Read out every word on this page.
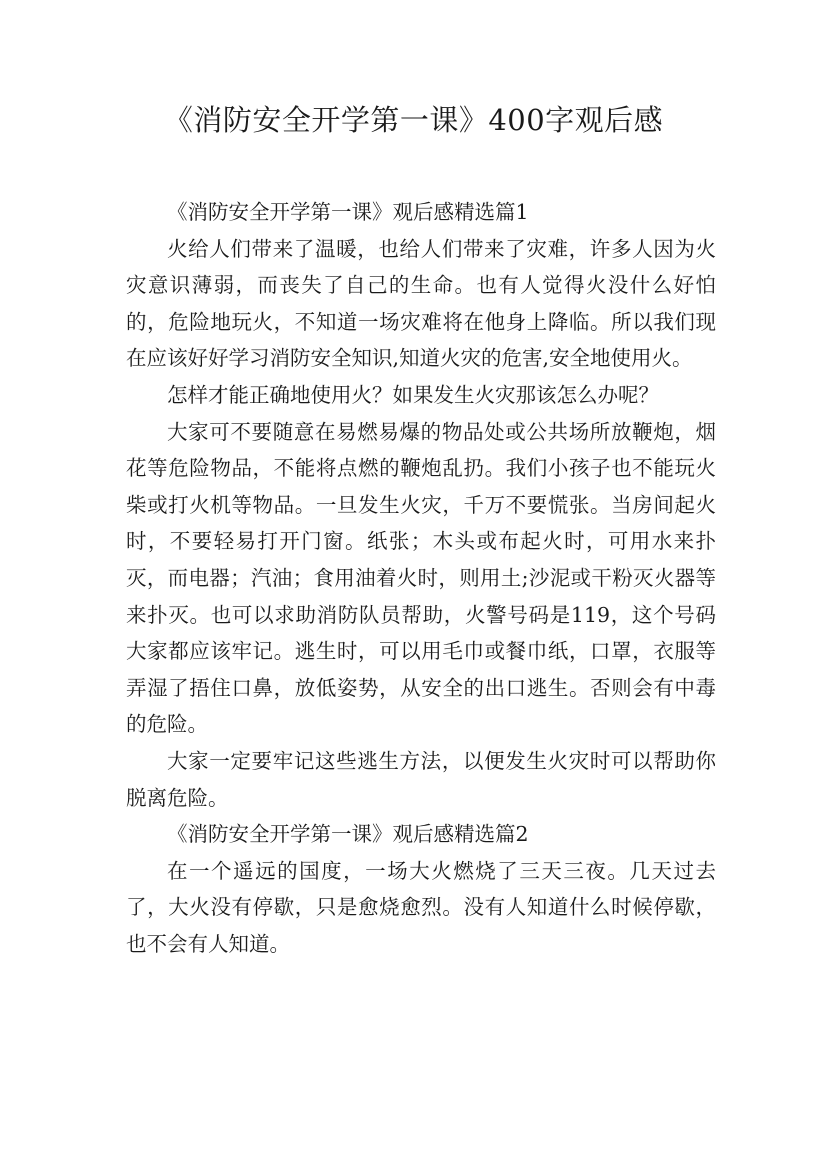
《消防安全开学第一课》400字观后感

《消防安全开学第一课》观后感精选篇1

火给人们带来了温暖，也给人们带来了灾难，许多人因为火灾意识薄弱，而丧失了自己的生命。也有人觉得火没什么好怕的，危险地玩火，不知道一场灾难将在他身上降临。所以我们现在应该好好学习消防安全知识,知道火灾的危害,安全地使用火。

怎样才能正确地使用火？如果发生火灾那该怎么办呢？

大家可不要随意在易燃易爆的物品处或公共场所放鞭炮，烟花等危险物品，不能将点燃的鞭炮乱扔。我们小孩子也不能玩火柴或打火机等物品。一旦发生火灾，千万不要慌张。当房间起火时，不要轻易打开门窗。纸张；木头或布起火时，可用水来扑灭，而电器；汽油；食用油着火时，则用土;沙泥或干粉灭火器等来扑灭。也可以求助消防队员帮助，火警号码是119，这个号码大家都应该牢记。逃生时，可以用毛巾或餐巾纸，口罩，衣服等弄湿了捂住口鼻，放低姿势，从安全的出口逃生。否则会有中毒的危险。

大家一定要牢记这些逃生方法，以便发生火灾时可以帮助你脱离危险。

《消防安全开学第一课》观后感精选篇2

在一个遥远的国度，一场大火燃烧了三天三夜。几天过去了，大火没有停歇，只是愈烧愈烈。没有人知道什么时候停歇，也不会有人知道。
